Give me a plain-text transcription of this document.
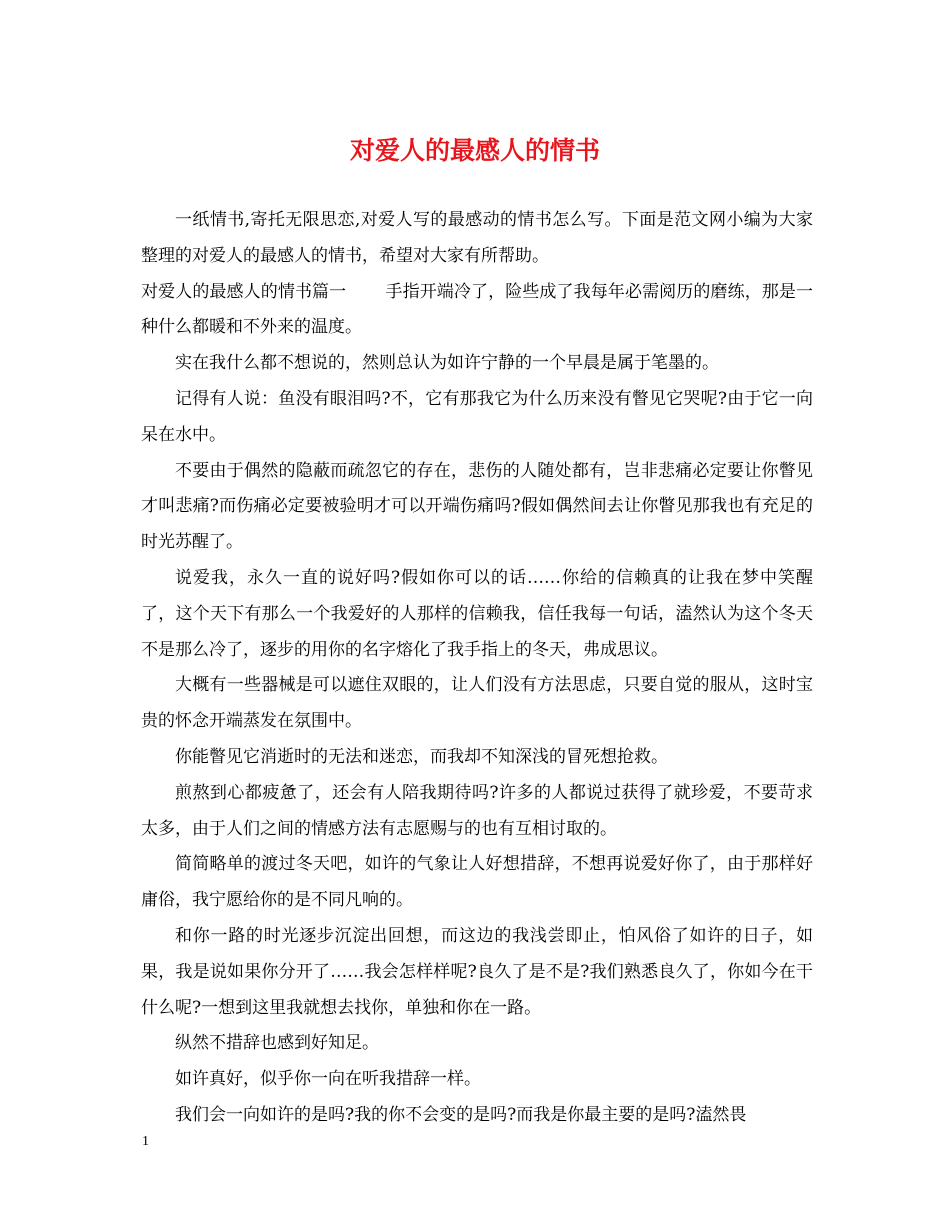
对爱人的最感人的情书

一纸情书,寄托无限思恋,对爱人写的最感动的情书怎么写。下面是范文网小编为大家整理的对爱人的最感人的情书，希望对大家有所帮助。

对爱人的最感人的情书篇一 手指开端冷了，险些成了我每年必需阅历的磨练，那是一种什么都暖和不外来的温度。

实在我什么都不想说的，然则总认为如许宁静的一个早晨是属于笔墨的。

记得有人说：鱼没有眼泪吗?不，它有那我它为什么历来没有瞥见它哭呢?由于它一向呆在水中。

不要由于偶然的隐蔽而疏忽它的存在，悲伤的人随处都有，岂非悲痛必定要让你瞥见才叫悲痛?而伤痛必定要被验明才可以开端伤痛吗?假如偶然间去让你瞥见那我也有充足的时光苏醒了。

说爱我，永久一直的说好吗?假如你可以的话……你给的信赖真的让我在梦中笑醒了，这个天下有那么一个我爱好的人那样的信赖我，信任我每一句话，溘然认为这个冬天不是那么冷了，逐步的用你的名字熔化了我手指上的冬天，弗成思议。

大概有一些器械是可以遮住双眼的，让人们没有方法思虑，只要自觉的服从，这时宝贵的怀念开端蒸发在氛围中。

你能瞥见它消逝时的无法和迷恋，而我却不知深浅的冒死想抢救。

煎熬到心都疲惫了，还会有人陪我期待吗?许多的人都说过获得了就珍爱，不要苛求太多，由于人们之间的情感方法有志愿赐与的也有互相讨取的。

简简略单的渡过冬天吧，如许的气象让人好想措辞，不想再说爱好你了，由于那样好庸俗，我宁愿给你的是不同凡响的。

和你一路的时光逐步沉淀出回想，而这边的我浅尝即止，怕风俗了如许的日子，如果，我是说如果你分开了……我会怎样样呢?良久了是不是?我们熟悉良久了，你如今在干什么呢?一想到这里我就想去找你，单独和你在一路。

纵然不措辞也感到好知足。

如许真好，似乎你一向在听我措辞一样。

我们会一向如许的是吗?我的你不会变的是吗?而我是你最主要的是吗?溘然畏

1
